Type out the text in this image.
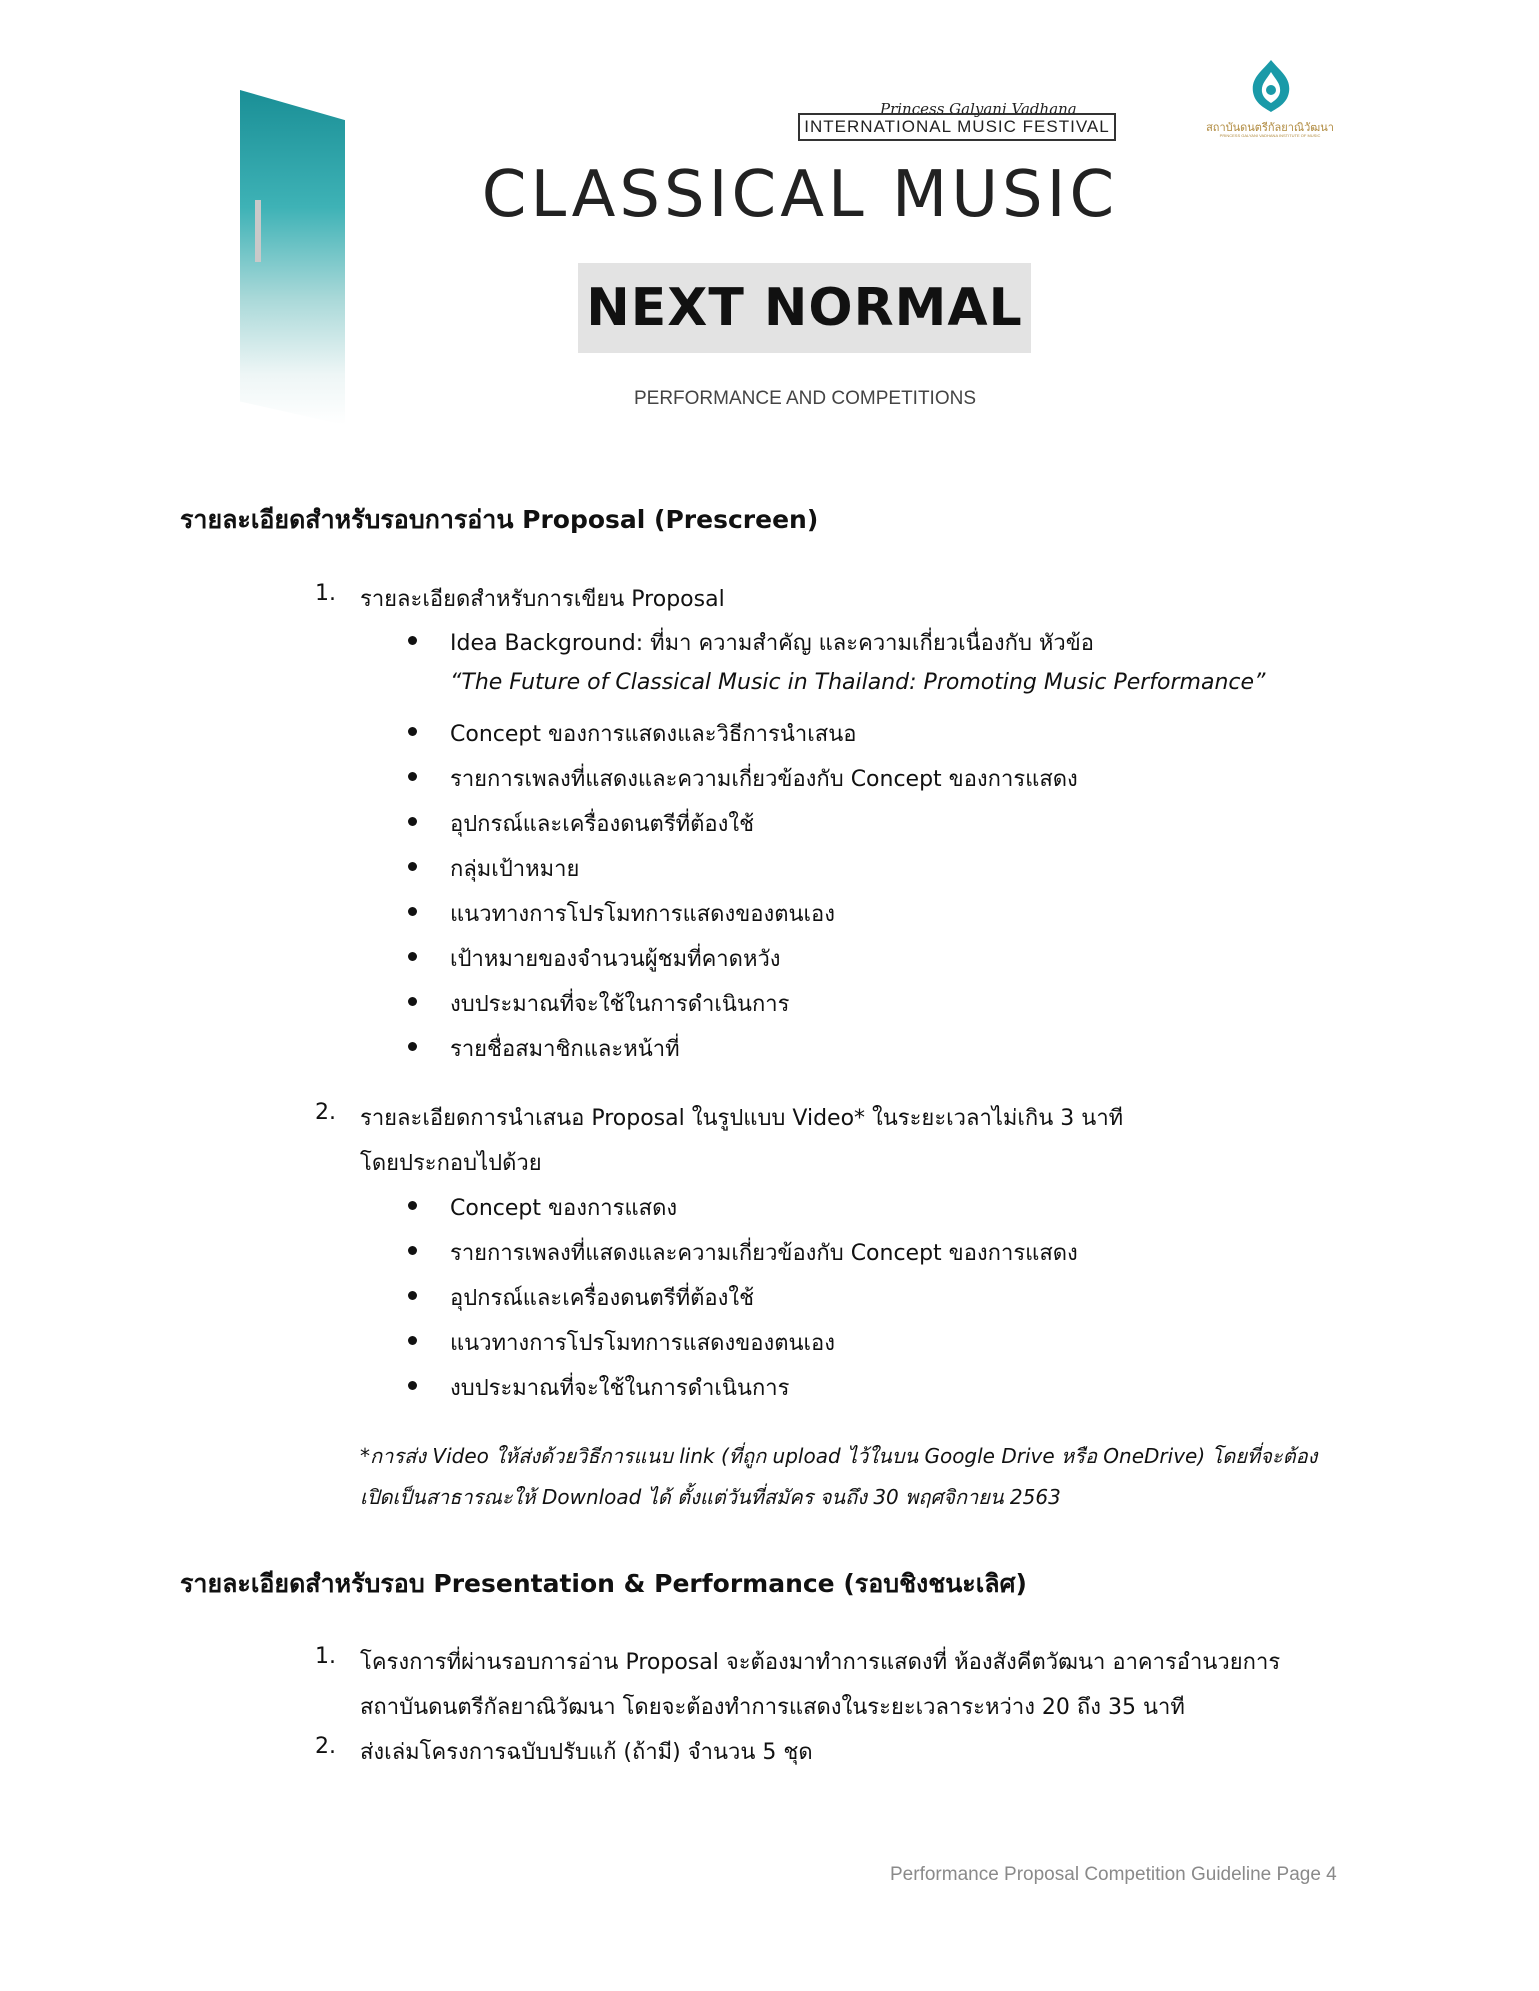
Princess Galyani Vadhana
INTERNATIONAL MUSIC FESTIVAL	สถาบันดนตรีกัลยาณิวัฒนา
PRINCESS GALYANI VADHANA INSTITUTE OF MUSIC
CLASSICAL MUSIC
NEXT NORMAL
PERFORMANCE AND COMPETITIONS
รายละเอียดสำหรับรอบการอ่าน Proposal (Prescreen)
1. รายละเอียดสำหรับการเขียน Proposal
Idea Background: ที่มา ความสำคัญ และความเกี่ยวเนื่องกับ หัวข้อ
“The Future of Classical Music in Thailand: Promoting Music Performance”
Concept ของการแสดงและวิธีการนำเสนอ
รายการเพลงที่แสดงและความเกี่ยวข้องกับ Concept ของการแสดง
อุปกรณ์และเครื่องดนตรีที่ต้องใช้
กลุ่มเป้าหมาย
แนวทางการโปรโมทการแสดงของตนเอง
เป้าหมายของจำนวนผู้ชมที่คาดหวัง
งบประมาณที่จะใช้ในการดำเนินการ
รายชื่อสมาชิกและหน้าที่
2. รายละเอียดการนำเสนอ Proposal ในรูปแบบ Video* ในระยะเวลาไม่เกิน 3 นาที
โดยประกอบไปด้วย
Concept ของการแสดง
รายการเพลงที่แสดงและความเกี่ยวข้องกับ Concept ของการแสดง
อุปกรณ์และเครื่องดนตรีที่ต้องใช้
แนวทางการโปรโมทการแสดงของตนเอง
งบประมาณที่จะใช้ในการดำเนินการ
*การส่ง Video ให้ส่งด้วยวิธีการแนบ link (ที่ถูก upload ไว้ในบน Google Drive หรือ OneDrive) โดยที่จะต้อง
เปิดเป็นสาธารณะให้ Download ได้ ตั้งแต่วันที่สมัคร จนถึง 30 พฤศจิกายน 2563
รายละเอียดสำหรับรอบ Presentation & Performance (รอบชิงชนะเลิศ)
1. โครงการที่ผ่านรอบการอ่าน Proposal จะต้องมาทำการแสดงที่ ห้องสังคีตวัฒนา อาคารอำนวยการ
สถาบันดนตรีกัลยาณิวัฒนา โดยจะต้องทำการแสดงในระยะเวลาระหว่าง 20 ถึง 35 นาที
2. ส่งเล่มโครงการฉบับปรับแก้ (ถ้ามี) จำนวน 5 ชุด
Performance Proposal Competition Guideline Page 4
